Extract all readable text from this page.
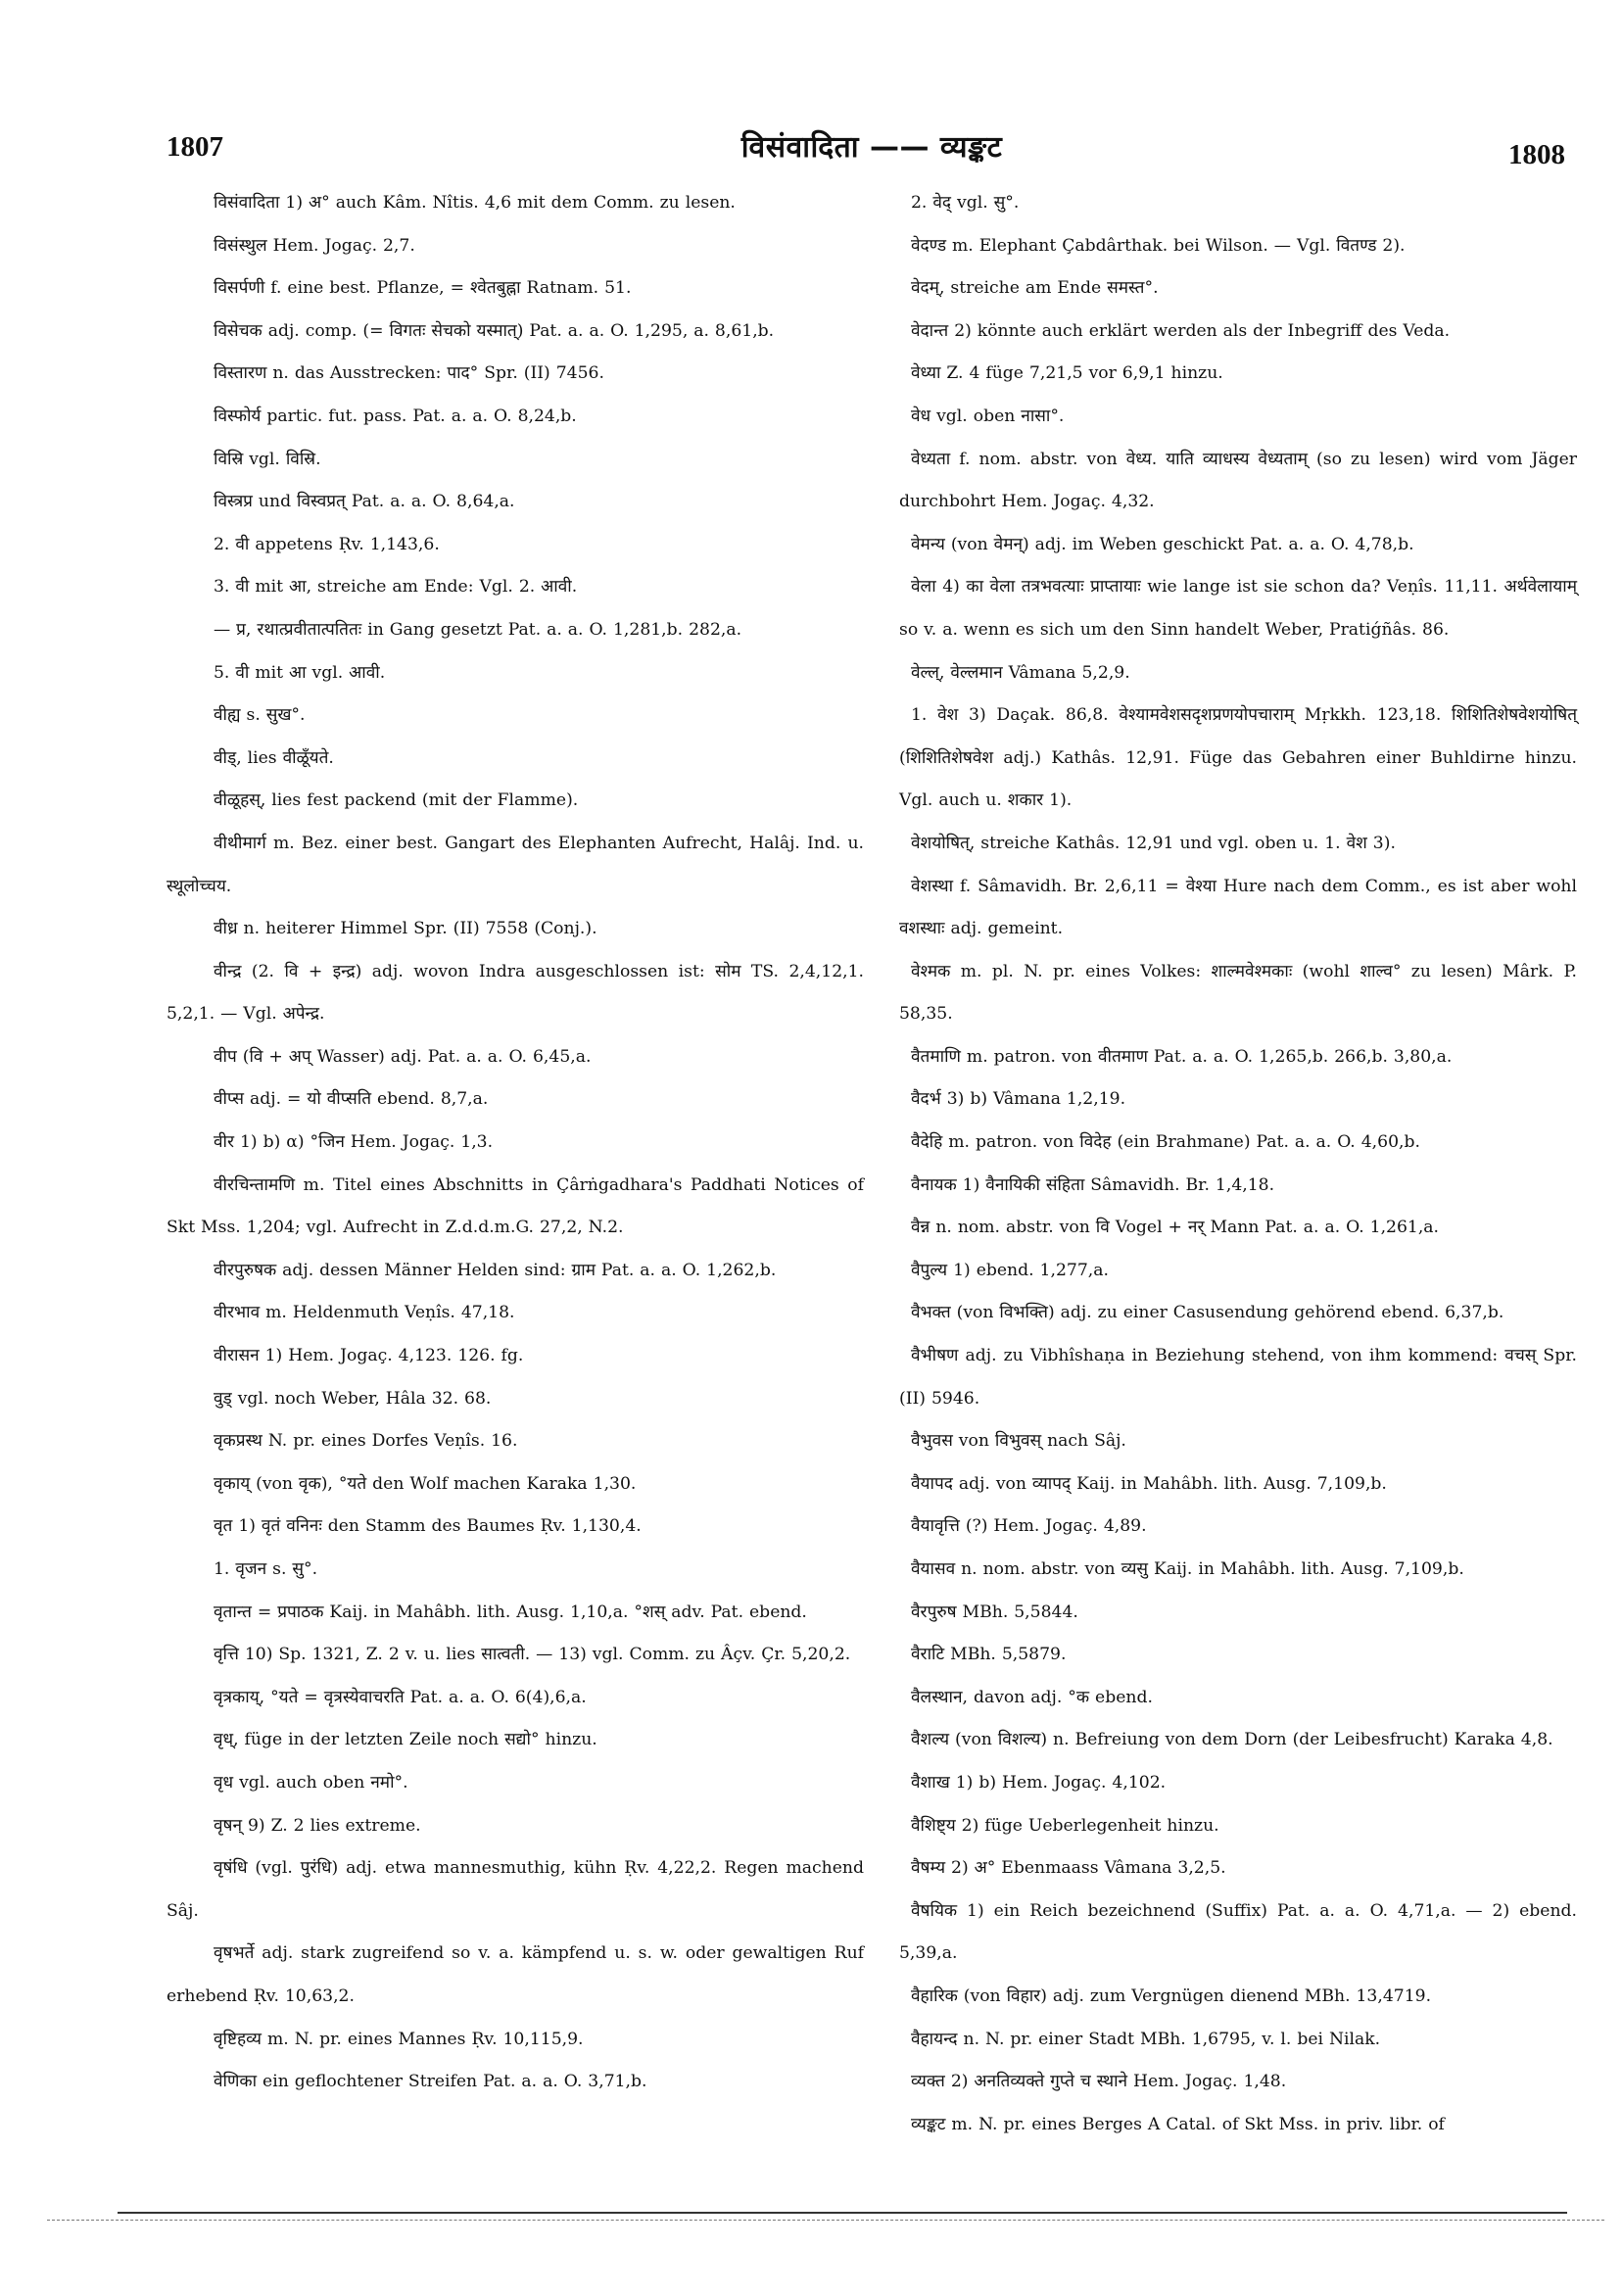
1807	विसंवादिता —— व्यङ्कट	1808

विसंवादिता 1) अ° auch Kâm. Nîtis. 4,6 mit dem Comm. zu lesen.

विसंस्थुल Hem. Jogaç. 2,7.

विसर्पणी f. eine best. Pflanze, = श्वेतबुह्ना Ratnam. 51.

विसेचक adj. comp. (= विगतः सेचको यस्मात्) Pat. a. a. O. 1,295, a. 8,61,b.

विस्तारण n. das Ausstrecken: पाद° Spr. (II) 7456.

विस्फोर्य partic. fut. pass. Pat. a. a. O. 8,24,b.

विस्रि vgl. विस्रि.

विस्त्रप्र und विस्वप्रत् Pat. a. a. O. 8,64,a.

2. वी appetens Ṛv. 1,143,6.

3. वी mit आ, streiche am Ende: Vgl. 2. आवी.

— प्र, रथात्प्रवीतात्पतितः in Gang gesetzt Pat. a. a. O. 1,281,b. 282,a.

5. वी mit आ vgl. आवी.

वीह्य s. सुख°.

वीड्, lies वीळूँयते.

वीळूहस्, lies fest packend (mit der Flamme).

वीथीमार्ग m. Bez. einer best. Gangart des Elephanten Aufrecht, Halâj. Ind. u. स्थूलोच्चय.

वीध्र n. heiterer Himmel Spr. (II) 7558 (Conj.).

वीन्द्र (2. वि + इन्द्र) adj. wovon Indra ausgeschlossen ist: सोम TS. 2,4,12,1. 5,2,1. — Vgl. अपेन्द्र.

वीप (वि + अप् Wasser) adj. Pat. a. a. O. 6,45,a.

वीप्स adj. = यो वीप्सति ebend. 8,7,a.

वीर 1) b) α) °जिन Hem. Jogaç. 1,3.

वीरचिन्तामणि m. Titel eines Abschnitts in Çârṅgadhara's Paddhati Notices of Skt Mss. 1,204; vgl. Aufrecht in Z.d.d.m.G. 27,2, N.2.

वीरपुरुषक adj. dessen Männer Helden sind: ग्राम Pat. a. a. O. 1,262,b.

वीरभाव m. Heldenmuth Veṇîs. 47,18.

वीरासन 1) Hem. Jogaç. 4,123. 126. fg.

वुड् vgl. noch Weber, Hâla 32. 68.

वृकप्रस्थ N. pr. eines Dorfes Veṇîs. 16.

वृकाय् (von वृक), °यते den Wolf machen Karaka 1,30.

वृत 1) वृतं वनिनः den Stamm des Baumes Ṛv. 1,130,4.

1. वृजन s. सु°.

वृतान्त = प्रपाठक Kaij. in Mahâbh. lith. Ausg. 1,10,a. °शस् adv. Pat. ebend.

वृत्ति 10) Sp. 1321, Z. 2 v. u. lies सात्वती. — 13) vgl. Comm. zu Âçv. Çr. 5,20,2.

वृत्रकाय्, °यते = वृत्रस्येवाचरति Pat. a. a. O. 6(4),6,a.

वृध्, füge in der letzten Zeile noch सद्यो° hinzu.

वृध vgl. auch oben नमो°.

वृषन् 9) Z. 2 lies extreme.

वृषंधि (vgl. पुरंधि) adj. etwa mannesmuthig, kühn Ṛv. 4,22,2. Regen machend Sâj.

वृषभर्ते adj. stark zugreifend so v. a. kämpfend u. s. w. oder gewaltigen Ruf erhebend Ṛv. 10,63,2.

वृष्टिहव्य m. N. pr. eines Mannes Ṛv. 10,115,9.

वेणिका ein geflochtener Streifen Pat. a. a. O. 3,71,b.

2. वेद् vgl. सु°.

वेदण्ड m. Elephant Çabdârthak. bei Wilson. — Vgl. वितण्ड 2).

वेदम्, streiche am Ende समस्त°.

वेदान्त 2) könnte auch erklärt werden als der Inbegriff des Veda.

वेध्या Z. 4 füge 7,21,5 vor 6,9,1 hinzu.

वेध vgl. oben नासा°.

वेध्यता f. nom. abstr. von वेध्य. याति व्याधस्य वेध्यताम् (so zu lesen) wird vom Jäger durchbohrt Hem. Jogaç. 4,32.

वेमन्य (von वेमन्) adj. im Weben geschickt Pat. a. a. O. 4,78,b.

वेला 4) का वेला तत्रभवत्याः प्राप्तायाः wie lange ist sie schon da? Veṇîs. 11,11. अर्थवेलायाम् so v. a. wenn es sich um den Sinn handelt Weber, Pratiǵñâs. 86.

वेल्ल्, वेल्लमान Vâmana 5,2,9.

1. वेश 3) Daçak. 86,8. वेश्यामवेशसदृशप्रणयोपचाराम् Mṛkkh. 123,18. शिशितिशेषवेशयोषित् (शिशितिशेषवेश adj.) Kathâs. 12,91. Füge das Gebahren einer Buhldirne hinzu. Vgl. auch u. शकार 1).

वेशयोषित्, streiche Kathâs. 12,91 und vgl. oben u. 1. वेश 3).

वेशस्था f. Sâmavidh. Br. 2,6,11 = वेश्या Hure nach dem Comm., es ist aber wohl वशस्थाः adj. gemeint.

वेश्मक m. pl. N. pr. eines Volkes: शाल्मवेश्मकाः (wohl शाल्व° zu lesen) Mârk. P. 58,35.

वैतमाणि m. patron. von वीतमाण Pat. a. a. O. 1,265,b. 266,b. 3,80,a.

वैदर्भ 3) b) Vâmana 1,2,19.

वैदेहि m. patron. von विदेह (ein Brahmane) Pat. a. a. O. 4,60,b.

वैनायक 1) वैनायिकी संहिता Sâmavidh. Br. 1,4,18.

वैन्न n. nom. abstr. von वि Vogel + नर् Mann Pat. a. a. O. 1,261,a.

वैपुल्य 1) ebend. 1,277,a.

वैभक्त (von विभक्ति) adj. zu einer Casusendung gehörend ebend. 6,37,b.

वैभीषण adj. zu Vibhîshaṇa in Beziehung stehend, von ihm kommend: वचस् Spr. (II) 5946.

वैभुवस von विभुवस् nach Sâj.

वैयापद adj. von व्यापद् Kaij. in Mahâbh. lith. Ausg. 7,109,b.

वैयावृत्ति (?) Hem. Jogaç. 4,89.

वैयासव n. nom. abstr. von व्यसु Kaij. in Mahâbh. lith. Ausg. 7,109,b.

वैरपुरुष MBh. 5,5844.

वैराटि MBh. 5,5879.

वैलस्थान, davon adj. °क ebend.

वैशल्य (von विशल्य) n. Befreiung von dem Dorn (der Leibesfrucht) Karaka 4,8.

वैशाख 1) b) Hem. Jogaç. 4,102.

वैशिष्ट्य 2) füge Ueberlegenheit hinzu.

वैषम्य 2) अ° Ebenmaass Vâmana 3,2,5.

वैषयिक 1) ein Reich bezeichnend (Suffix) Pat. a. a. O. 4,71,a. — 2) ebend. 5,39,a.

वैहारिक (von विहार) adj. zum Vergnügen dienend MBh. 13,4719.

वैहायन्द n. N. pr. einer Stadt MBh. 1,6795, v. l. bei Nilak.

व्यक्त 2) अनतिव्यक्ते गुप्ते च स्थाने Hem. Jogaç. 1,48.

व्यङ्कट m. N. pr. eines Berges A Catal. of Skt Mss. in priv. libr. of
